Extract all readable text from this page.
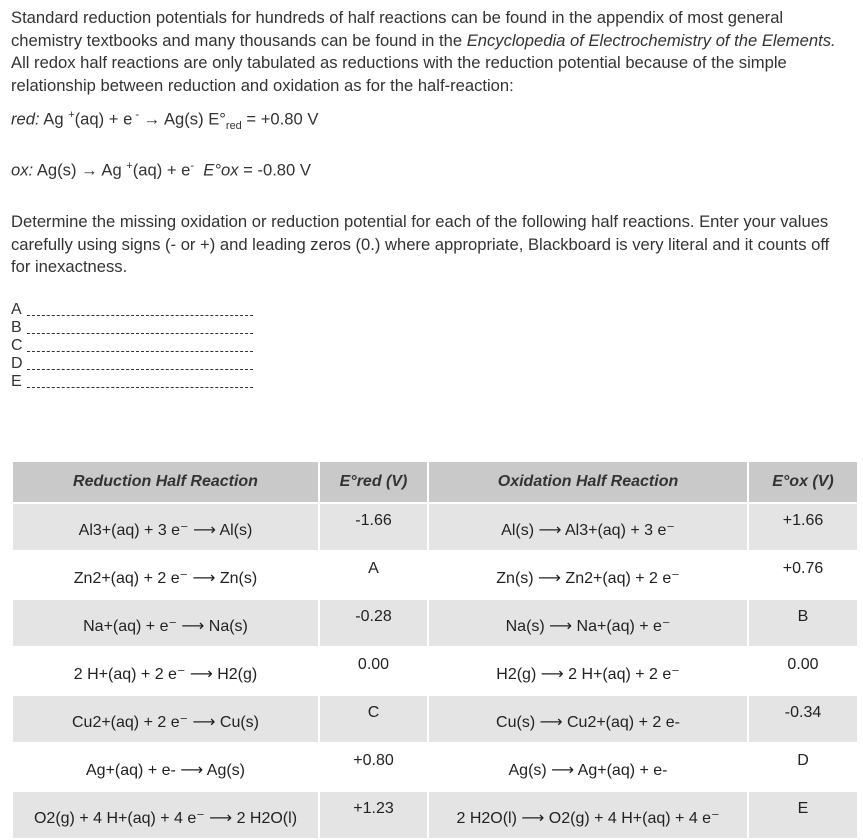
Standard reduction potentials for hundreds of half reactions can be found in the appendix of most general chemistry textbooks and many thousands can be found in the Encyclopedia of Electrochemistry of the Elements. All redox half reactions are only tabulated as reductions with the reduction potential because of the simple relationship between reduction and oxidation as for the half-reaction:

red: Ag +(aq) + e - → Ag(s) $E^\circ_{red} = +0.80$ V
ox: Ag(s) → Ag +(aq) + e- E°ox = -0.80 V

Determine the missing oxidation or reduction potential for each of the following half reactions. Enter your values carefully using signs (- or +) and leading zeros (0.) where appropriate, Blackboard is very literal and it counts off for inexactness.

A
B
C
D
E
Reduction Half Reaction	E°red (V)	Oxidation Half Reaction	E°ox (V)
Al3+(aq) + 3 e⁻ ⟶ Al(s)	-1.66	Al(s) ⟶ Al3+(aq) + 3 e⁻	+1.66
Zn2+(aq) + 2 e⁻ ⟶ Zn(s)	A	Zn(s) ⟶ Zn2+(aq) + 2 e⁻	+0.76
Na+(aq) + e⁻ ⟶ Na(s)	-0.28	Na(s) ⟶ Na+(aq) + e⁻	B
2 H+(aq) + 2 e⁻ ⟶ H2(g)	0.00	H2(g) ⟶ 2 H+(aq) + 2 e⁻	0.00
Cu2+(aq) + 2 e⁻ ⟶ Cu(s)	C	Cu(s) ⟶ Cu2+(aq) + 2 e-	-0.34
Ag+(aq) + e- ⟶ Ag(s)	+0.80	Ag(s) ⟶ Ag+(aq) + e-	D
O2(g) + 4 H+(aq) + 4 e⁻ ⟶ 2 H2O(l)	+1.23	2 H2O(l) ⟶ O2(g) + 4 H+(aq) + 4 e⁻	E
